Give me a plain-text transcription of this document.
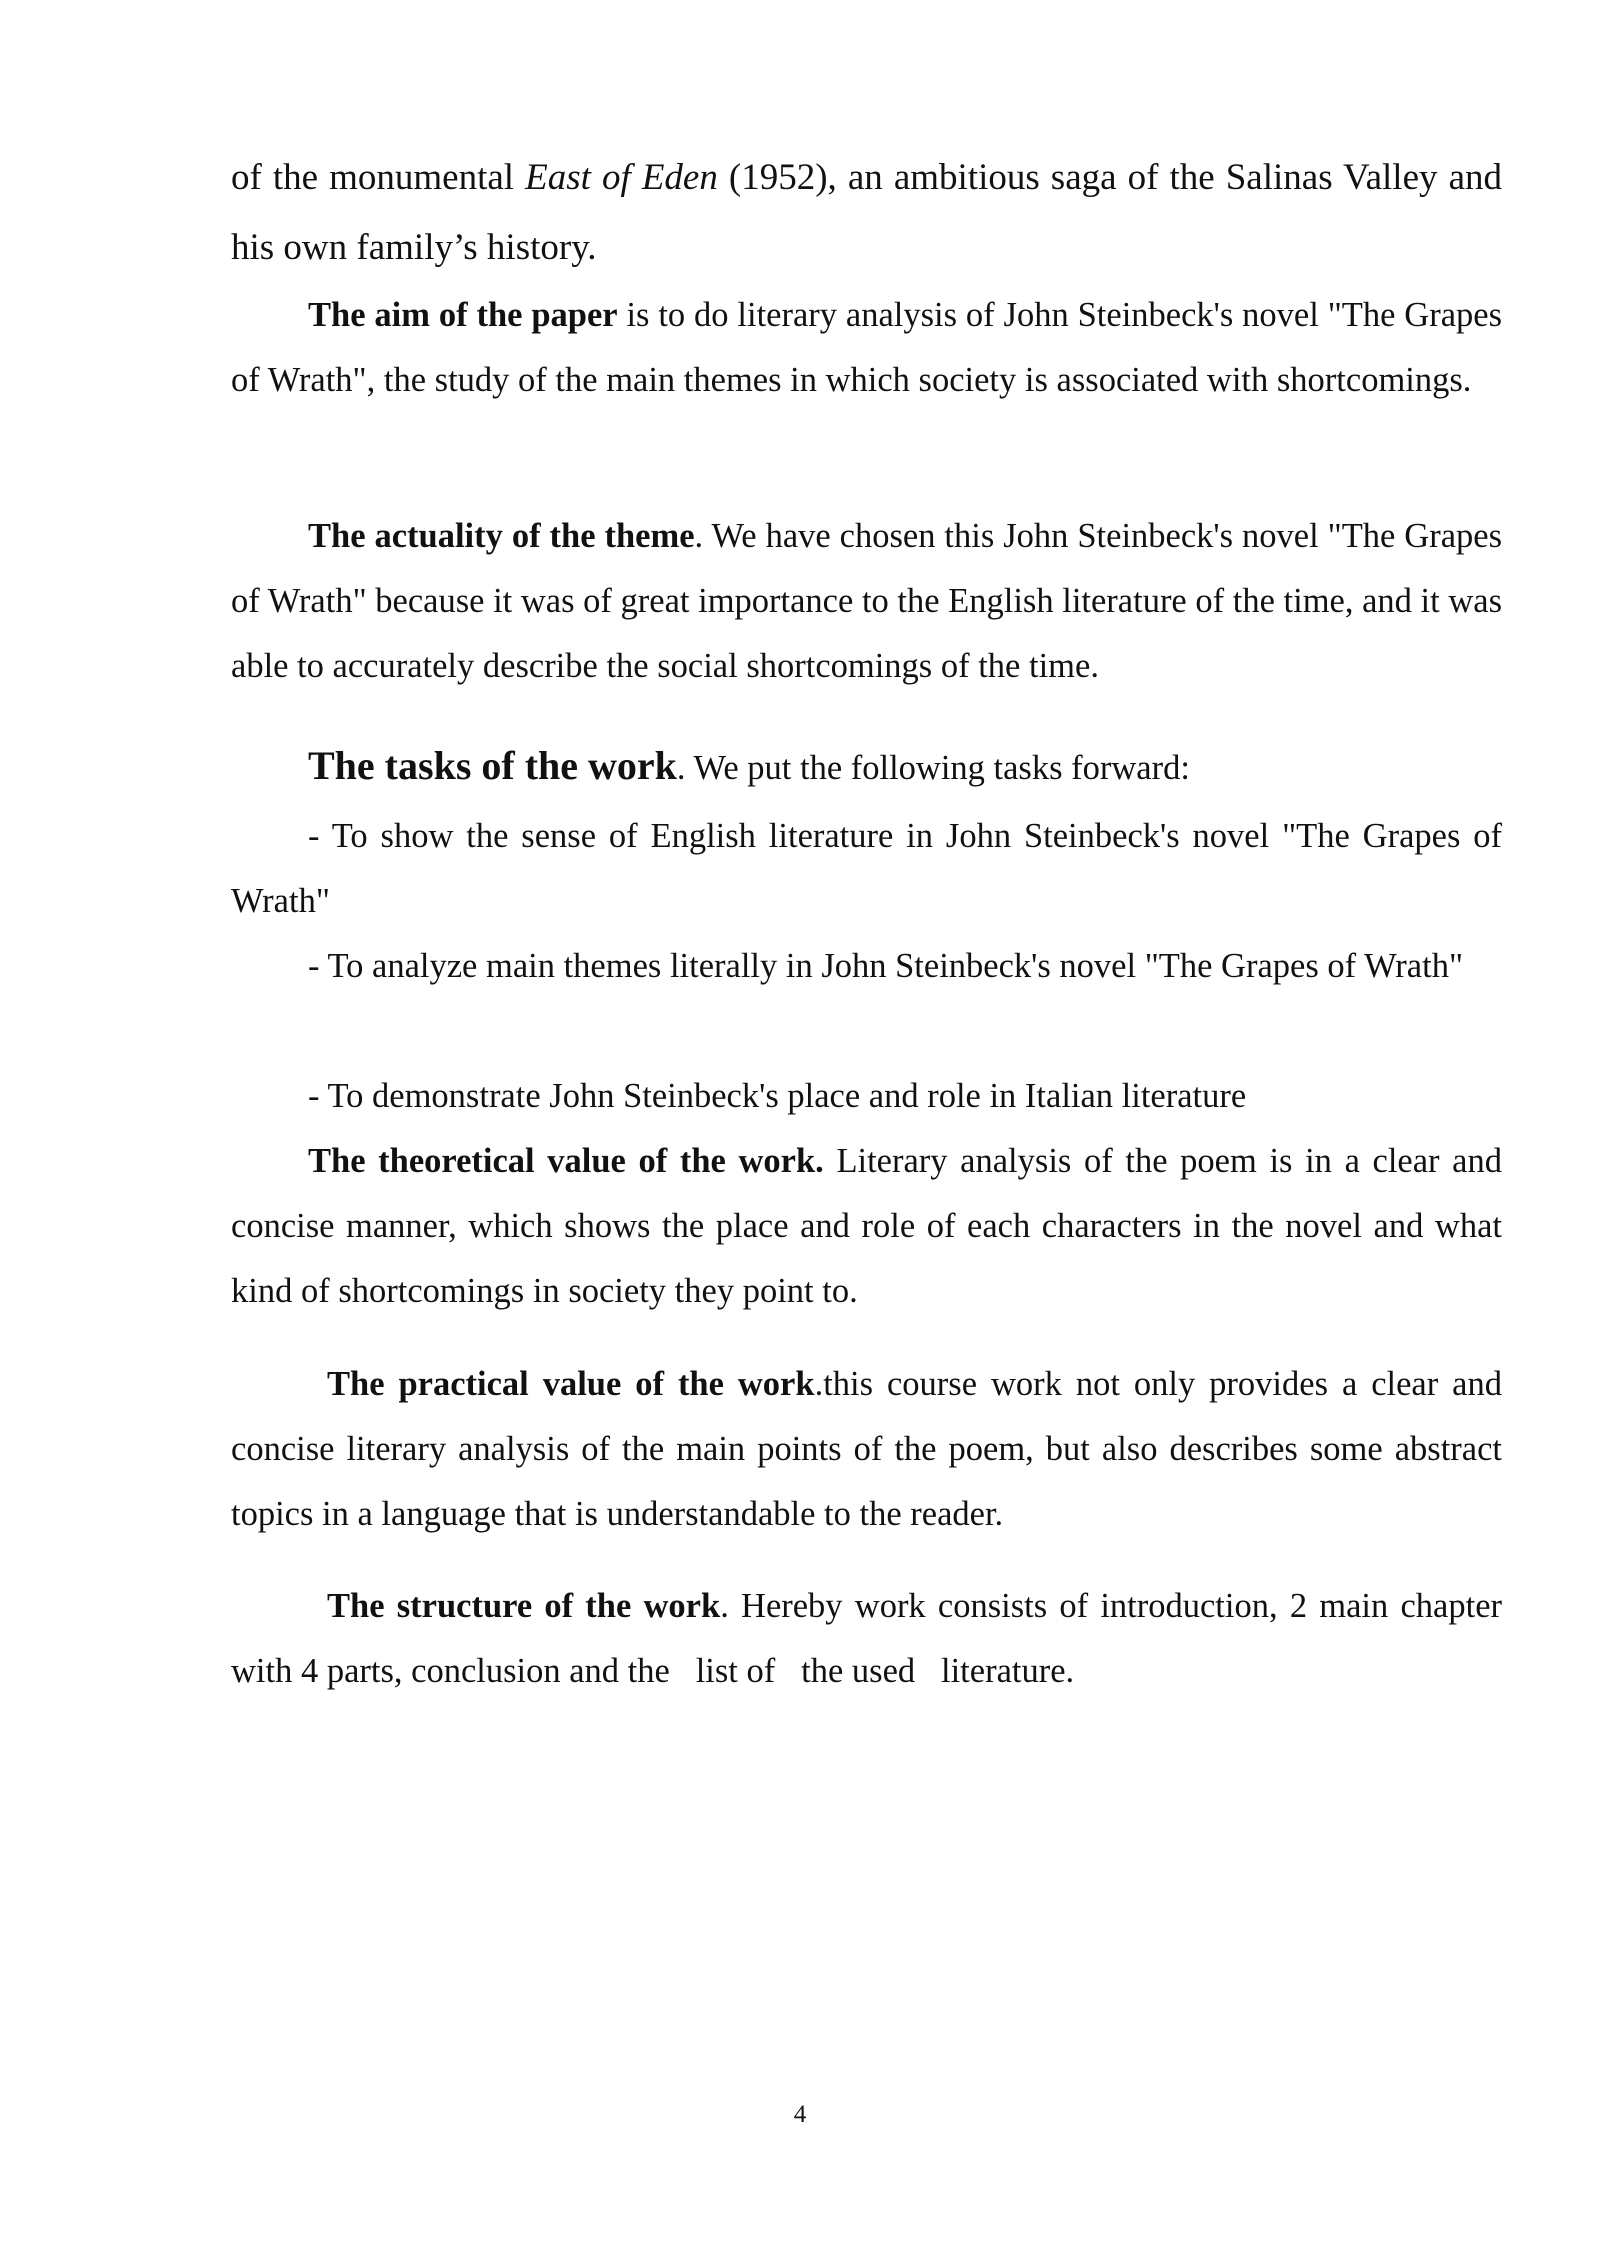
of the monumental East of Eden (1952), an ambitious saga of the Salinas Valley and his own family’s history.

The aim of the paper is to do literary analysis of John Steinbeck's novel "The Grapes of Wrath", the study of the main themes in which society is associated with shortcomings.

The actuality of the theme. We have chosen this John Steinbeck's novel "The Grapes of Wrath" because it was of great importance to the English literature of the time, and it was able to accurately describe the social shortcomings of the time.

The tasks of the work. We put the following tasks forward:

- To show the sense of English literature in John Steinbeck's novel "The Grapes of Wrath"

- To analyze main themes literally in John Steinbeck's novel "The Grapes of Wrath"

- To demonstrate John Steinbeck's place and role in Italian literature

The theoretical value of the work. Literary analysis of the poem is in a clear and concise manner, which shows the place and role of each characters in the novel and what kind of shortcomings in society they point to.

The practical value of the work.this course work not only provides a clear and concise literary analysis of the main points of the poem, but also describes some abstract topics in a language that is understandable to the reader.

The structure of the work. Hereby work consists of introduction, 2 main chapter with 4 parts, conclusion and the   list of   the used   literature.

4
